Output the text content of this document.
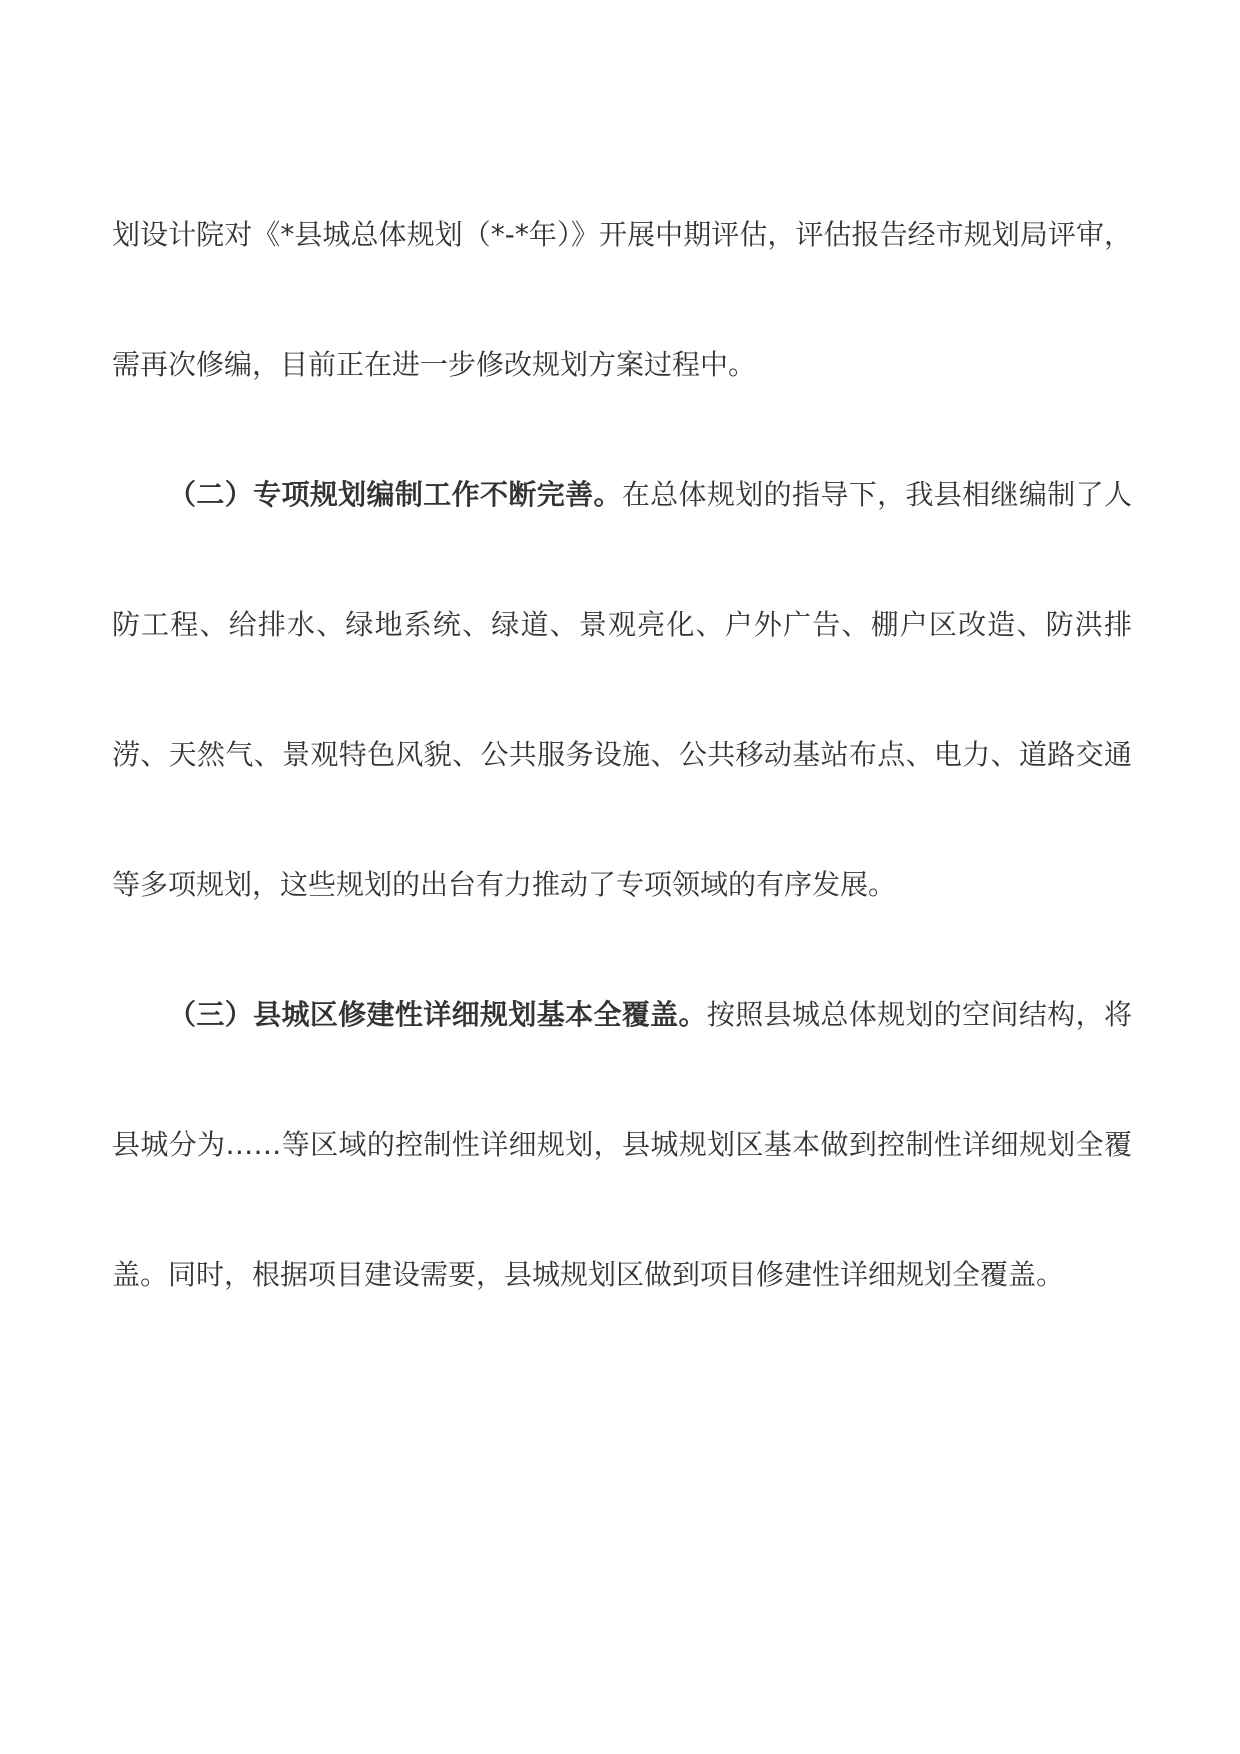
划设计院对《*县城总体规划（*-*年）》开展中期评估，评估报告经市规划局评审，需再次修编，目前正在进一步修改规划方案过程中。

（二）专项规划编制工作不断完善。在总体规划的指导下，我县相继编制了人防工程、给排水、绿地系统、绿道、景观亮化、户外广告、棚户区改造、防洪排涝、天然气、景观特色风貌、公共服务设施、公共移动基站布点、电力、道路交通等多项规划，这些规划的出台有力推动了专项领域的有序发展。

（三）县城区修建性详细规划基本全覆盖。按照县城总体规划的空间结构，将县城分为……等区域的控制性详细规划，县城规划区基本做到控制性详细规划全覆盖。同时，根据项目建设需要，县城规划区做到项目修建性详细规划全覆盖。
